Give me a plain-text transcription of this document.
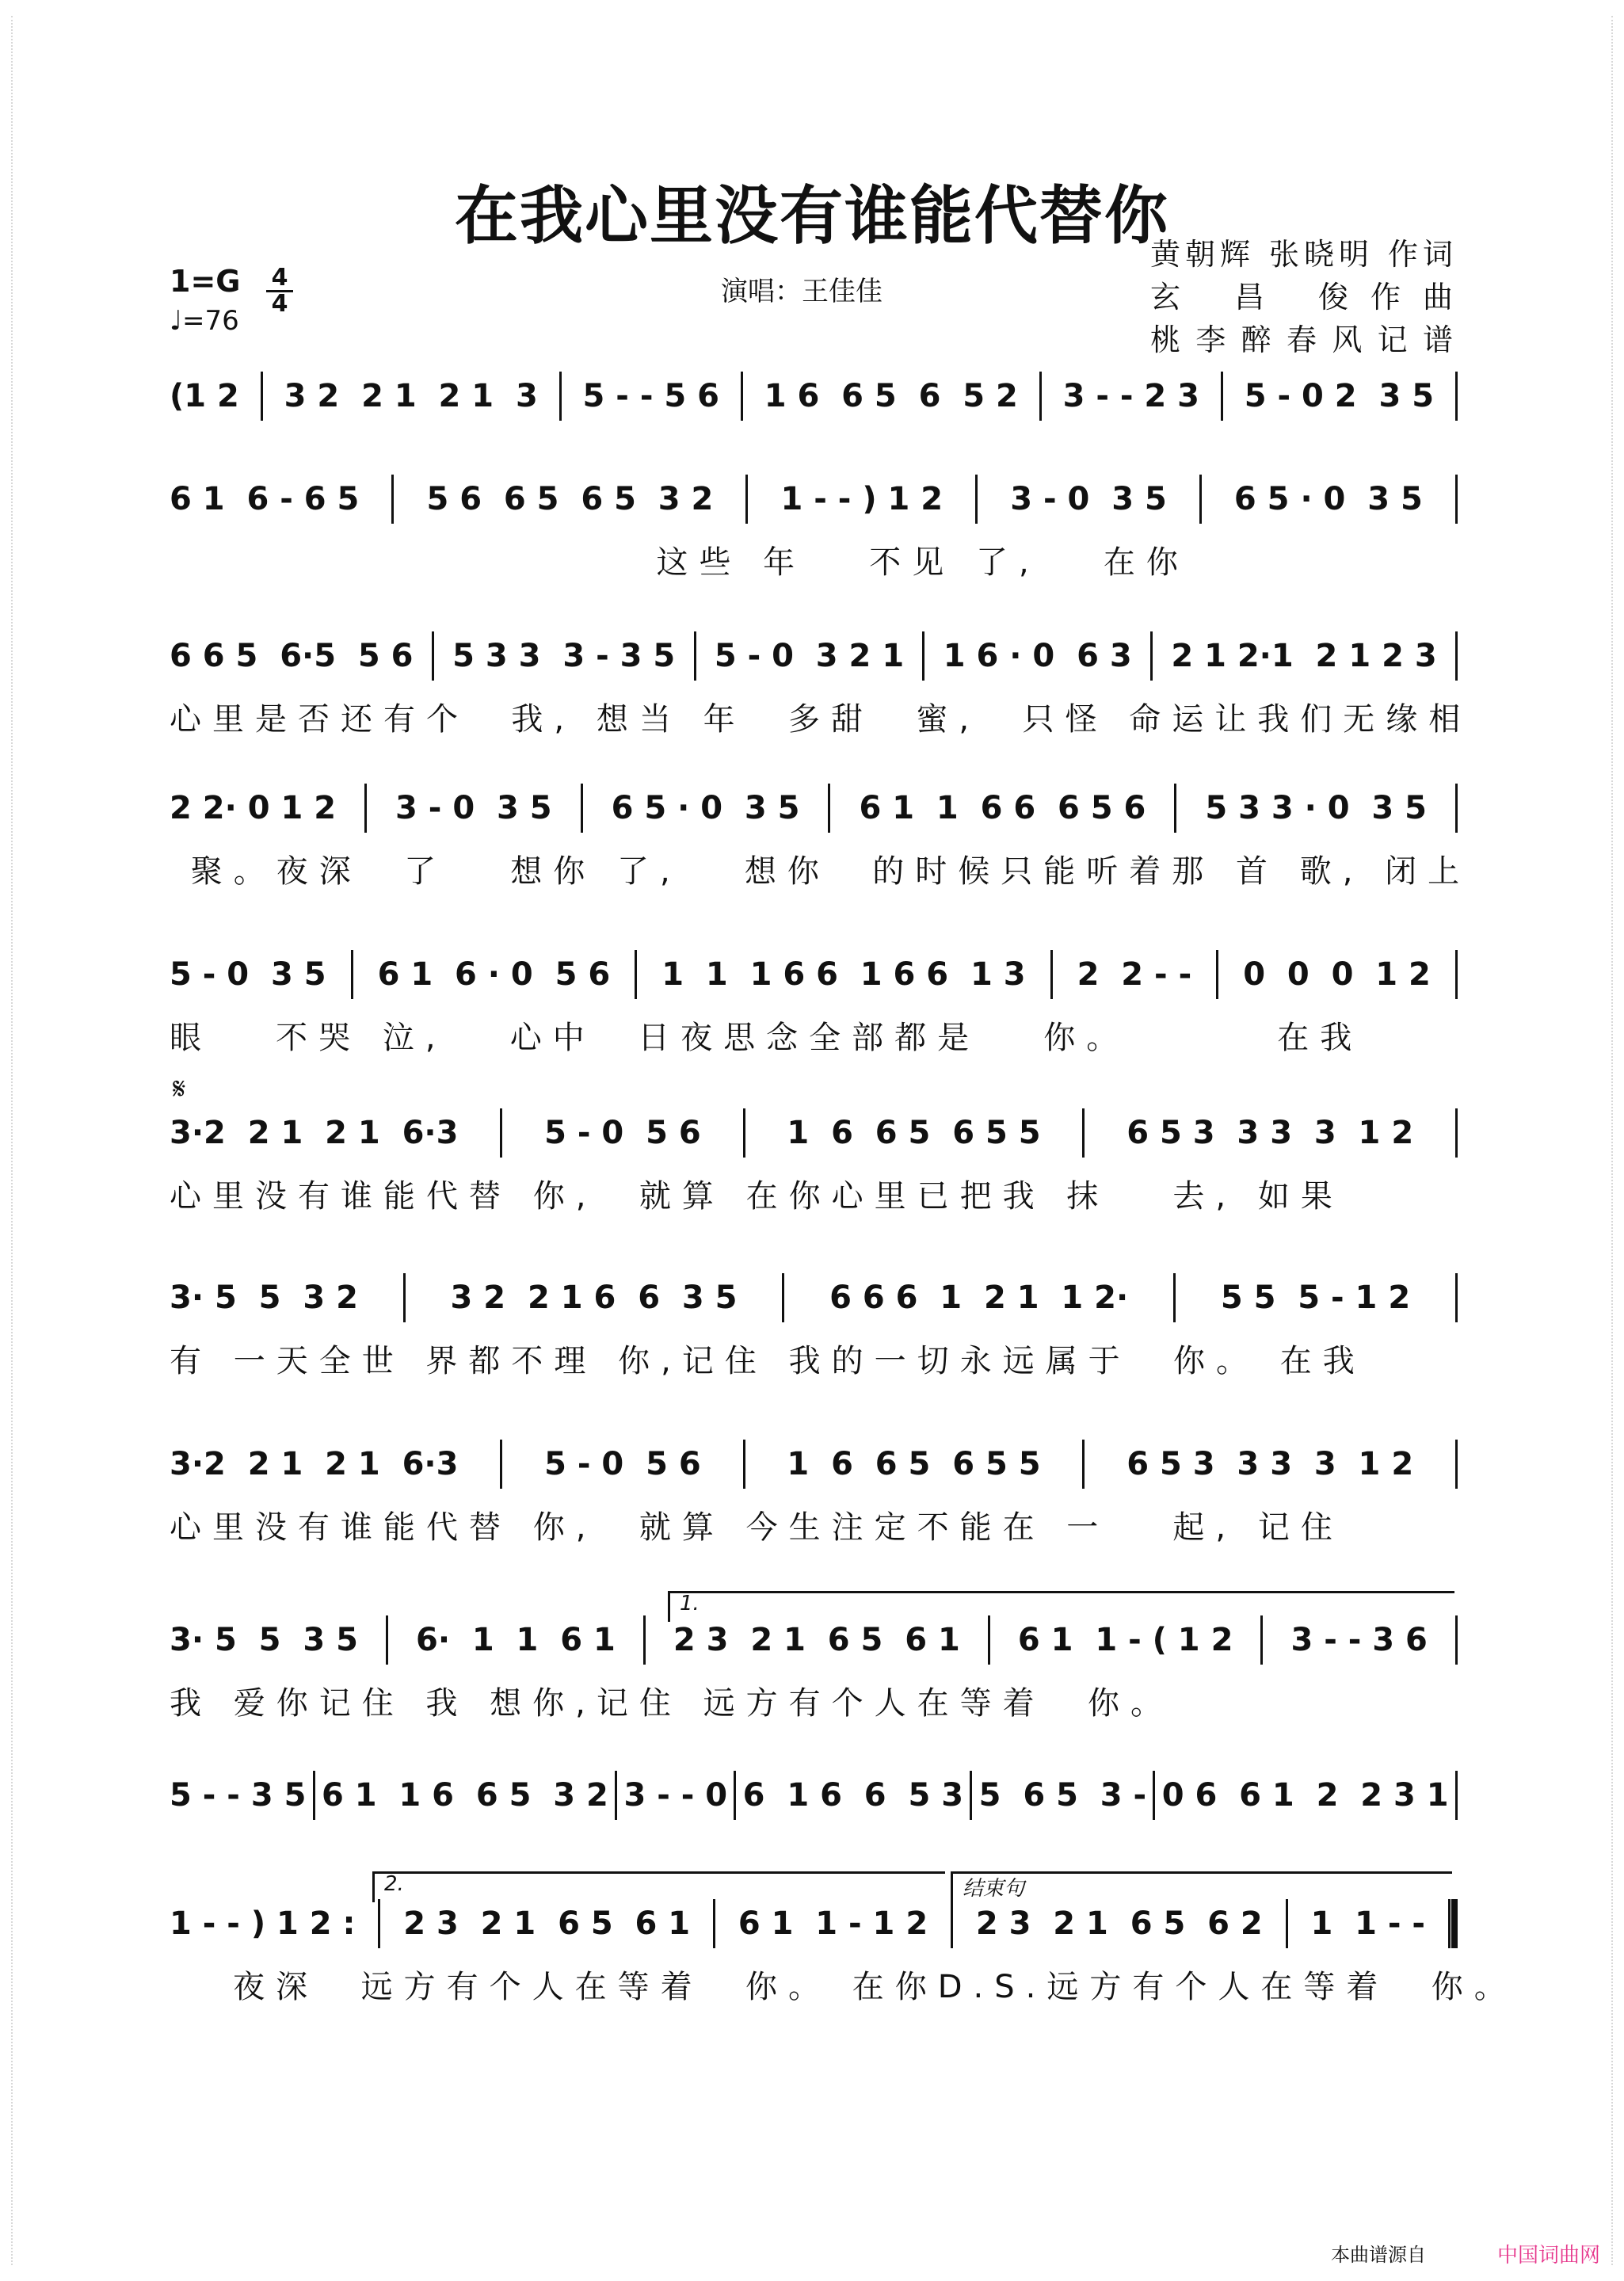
在我心里没有谁能代替你
1=G 4
4
♩=76
演唱：王佳佳
黄朝辉 张晓明 作词
玄 昌 俊作曲
桃李醉春风记谱
𝄋
1.
2.	结束句
(1 2 3 2  2 1  2 1  3 5 - - 5 6 1 6  6 5  6  5 2 3 - - 2 3 5 - 0 2  3 5
6 1  6 - 6 5 5 6  6 5  6 5  3 2 1 - - ) 1 2 3 - 0  3 5 6 5 · 0  3 5
这些 年   不见 了,   在你
6 6 5  6·5  5 6 5 3 3  3 - 3 5 5 - 0  3 2 1 1 6 · 0  6 3 2 1 2·1  2 1 2 3
心里是否还有个  我, 想当 年  多甜  蜜,  只怪 命运让我们无缘相
2 2· 0 1 2 3 - 0  3 5 6 5 · 0  3 5 6 1  1  6 6  6 5 6 5 3 3 · 0  3 5
聚。夜深  了   想你 了,   想你  的时候只能听着那 首 歌, 闭上
5 - 0  3 5 6 1  6 · 0  5 6 1  1  1 6 6  1 6 6  1 3 2  2 - - 0  0  0  1 2
眼   不哭 泣,   心中  日夜思念全部都是   你。       在我
3·2  2 1  2 1  6·3	5 - 0  5 6	1  6  6 5  6 5 5	6 5 3  3 3  3  1 2
心里没有谁能代替 你,  就算 在你心里已把我 抹   去, 如果
3· 5  5  3 2	3 2  2 1 6  6  3 5	6 6 6  1  2 1  1 2·	5 5  5 - 1 2
有 一天全世 界都不理 你,记住 我的一切永远属于  你。 在我
3·2  2 1  2 1  6·3	5 - 0  5 6	1  6  6 5  6 5 5	6 5 3  3 3  3  1 2
心里没有谁能代替 你,  就算 今生注定不能在 一   起, 记住
3· 5  5  3 5 6·  1  1  6 1 2 3  2 1  6 5  6 1 6 1  1 - ( 1 2 3 - - 3 6
我 爱你记住 我 想你,记住 远方有个人在等着  你。
5 - - 3 5 6 1  1 6  6 5  3 2 3 - - 0 6  1 6  6  5 3 5  6 5  3 - 0 6  6 1  2  2 3 1
1 - - ) 1 2 : 2 3  2 1  6 5  6 1 6 1  1 - 1 2 2 3  2 1  6 5  6 2 1  1 - -
夜深  远方有个人在等着  你。 在你D.S.远方有个人在等着  你。
本曲谱源自	中国词曲网
